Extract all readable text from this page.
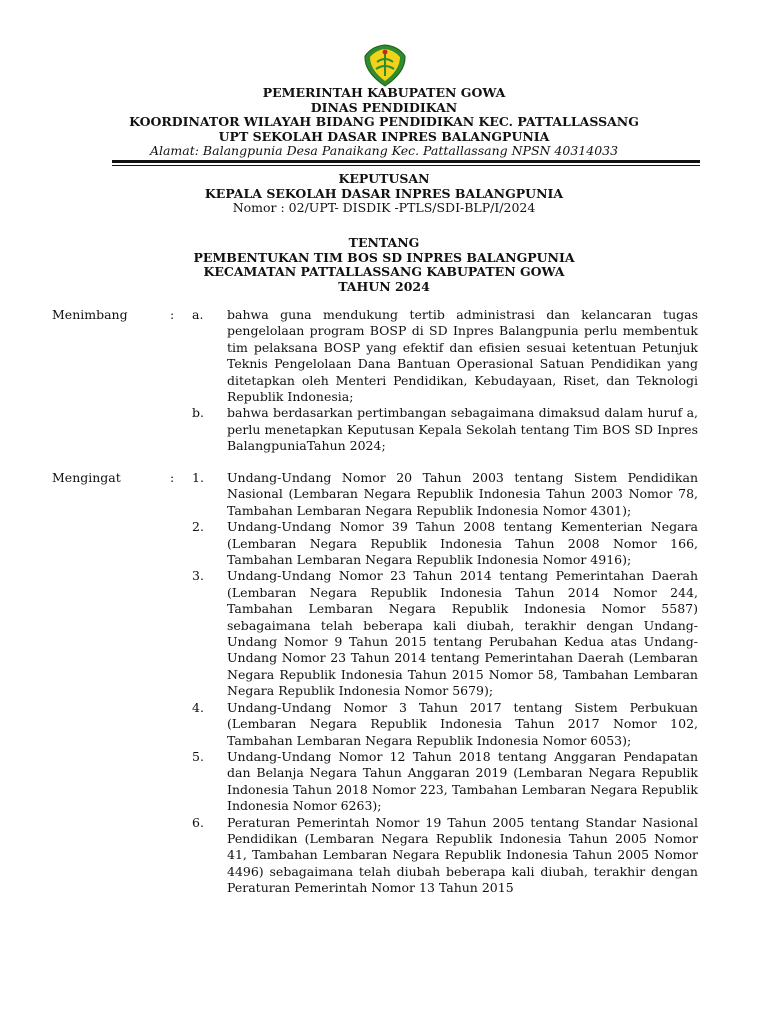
PEMERINTAH KABUPATEN GOWA
DINAS PENDIDIKAN
KOORDINATOR WILAYAH BIDANG PENDIDIKAN KEC. PATTALLASSANG
UPT SEKOLAH DASAR INPRES BALANGPUNIA
Alamat: Balangpunia Desa Panaikang Kec. Pattallassang NPSN 40314033
KEPUTUSAN
KEPALA SEKOLAH DASAR INPRES BALANGPUNIA
Nomor : 02/UPT- DISDIK -PTLS/SDI-BLP/I/2024
TENTANG
PEMBENTUKAN TIM BOS SD INPRES BALANGPUNIA
KECAMATAN PATTALLASSANG KABUPATEN GOWA
TAHUN 2024
Menimbang	:	a.	bahwa guna mendukung tertib administrasi dan kelancaran tugas pengelolaan program BOSP di SD Inpres Balangpunia perlu membentuk tim pelaksana BOSP yang efektif dan efisien sesuai ketentuan Petunjuk Teknis Pengelolaan Dana Bantuan Operasional Satuan Pendidikan yang ditetapkan oleh Menteri Pendidikan, Kebudayaan, Riset, dan Teknologi Republik Indonesia;
b.	bahwa berdasarkan pertimbangan sebagaimana dimaksud dalam huruf a, perlu menetapkan Keputusan Kepala Sekolah tentang Tim BOS SD Inpres BalangpuniaTahun 2024;
Mengingat	:	1.	Undang-Undang Nomor 20 Tahun 2003 tentang Sistem Pendidikan Nasional (Lembaran Negara Republik Indonesia Tahun 2003 Nomor 78, Tambahan Lembaran Negara Republik Indonesia Nomor 4301);
2.	Undang-Undang Nomor 39 Tahun 2008 tentang Kementerian Negara (Lembaran Negara Republik Indonesia Tahun 2008 Nomor 166, Tambahan Lembaran Negara Republik Indonesia Nomor 4916);
3.	Undang-Undang Nomor 23 Tahun 2014 tentang Pemerintahan Daerah (Lembaran Negara Republik Indonesia Tahun 2014 Nomor 244, Tambahan Lembaran Negara Republik Indonesia Nomor 5587) sebagaimana telah beberapa kali diubah, terakhir dengan Undang-Undang Nomor 9 Tahun 2015 tentang Perubahan Kedua atas Undang-Undang Nomor 23 Tahun 2014 tentang Pemerintahan Daerah (Lembaran Negara Republik Indonesia Tahun 2015 Nomor 58, Tambahan Lembaran Negara Republik Indonesia Nomor 5679);
4.	Undang-Undang Nomor 3 Tahun 2017 tentang Sistem Perbukuan (Lembaran Negara Republik Indonesia Tahun 2017 Nomor 102, Tambahan Lembaran Negara Republik Indonesia Nomor 6053);
5.	Undang-Undang Nomor 12 Tahun 2018 tentang Anggaran Pendapatan dan Belanja Negara Tahun Anggaran 2019 (Lembaran Negara Republik Indonesia Tahun 2018 Nomor 223, Tambahan Lembaran Negara Republik Indonesia Nomor 6263);
6.	Peraturan Pemerintah Nomor 19 Tahun 2005 tentang Standar Nasional Pendidikan (Lembaran Negara Republik Indonesia Tahun 2005 Nomor 41, Tambahan Lembaran Negara Republik Indonesia Tahun 2005 Nomor 4496) sebagaimana telah diubah beberapa kali diubah, terakhir dengan Peraturan Pemerintah Nomor 13 Tahun 2015
